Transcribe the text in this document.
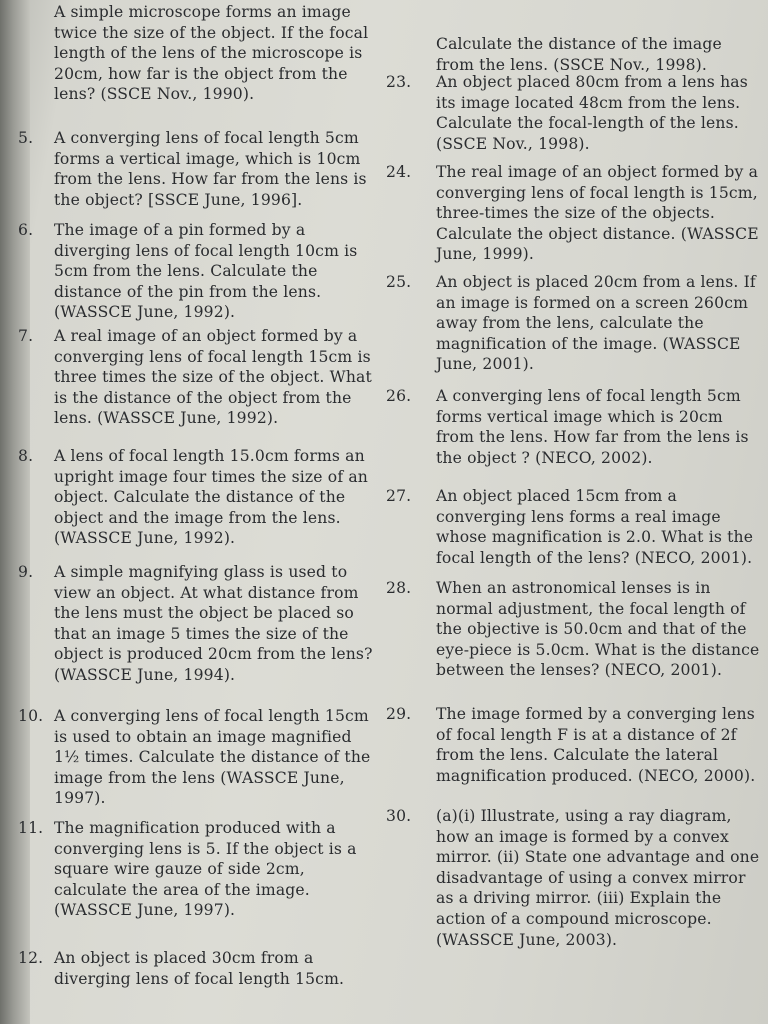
A simple microscope forms an image twice the size of the object. If the focal length of the lens of the microscope is 20cm, how far is the object from the lens? (SSCE Nov., 1990).
5. A converging lens of focal length 5cm forms a vertical image, which is 10cm from the lens. How far from the lens is the object? [SSCE June, 1996].
6. The image of a pin formed by a diverging lens of focal length 10cm is 5cm from the lens. Calculate the distance of the pin from the lens. (WASSCE June, 1992).
7. A real image of an object formed by a converging lens of focal length 15cm is three times the size of the object. What is the distance of the object from the lens. (WASSCE June, 1992).
8. A lens of focal length 15.0cm forms an upright image four times the size of an object. Calculate the distance of the object and the image from the lens. (WASSCE June, 1992).
9. A simple magnifying glass is used to view an object. At what distance from the lens must the object be placed so that an image 5 times the size of the object is produced 20cm from the lens? (WASSCE June, 1994).
10. A converging lens of focal length 15cm is used to obtain an image magnified 1½ times. Calculate the distance of the image from the lens (WASSCE June, 1997).
11. The magnification produced with a converging lens is 5. If the object is a square wire gauze of side 2cm, calculate the area of the image. (WASSCE June, 1997).
12. An object is placed 30cm from a diverging lens of focal length 15cm.
Calculate the distance of the image from the lens. (SSCE Nov., 1998).
23. An object placed 80cm from a lens has its image located 48cm from the lens. Calculate the focal-length of the lens. (SSCE Nov., 1998).
24. The real image of an object formed by a converging lens of focal length is 15cm, three-times the size of the objects. Calculate the object distance. (WASSCE June, 1999).
25. An object is placed 20cm from a lens. If an image is formed on a screen 260cm away from the lens, calculate the magnification of the image. (WASSCE June, 2001).
26. A converging lens of focal length 5cm forms vertical image which is 20cm from the lens. How far from the lens is the object ? (NECO, 2002).
27. An object placed 15cm from a converging lens forms a real image whose magnification is 2.0. What is the focal length of the lens? (NECO, 2001).
28. When an astronomical lenses is in normal adjustment, the focal length of the objective is 50.0cm and that of the eye-piece is 5.0cm. What is the distance between the lenses? (NECO, 2001).
29. The image formed by a converging lens of focal length F is at a distance of 2f from the lens. Calculate the lateral magnification produced. (NECO, 2000).
30. (a)(i) Illustrate, using a ray diagram, how an image is formed by a convex mirror. (ii) State one advantage and one disadvantage of using a convex mirror as a driving mirror. (iii) Explain the action of a compound microscope. (WASSCE June, 2003).
